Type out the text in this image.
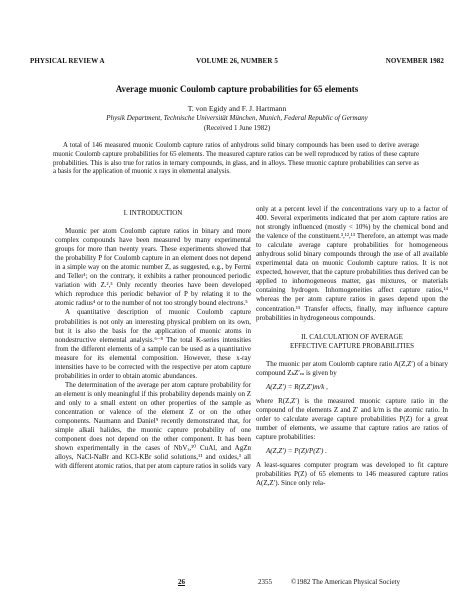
PHYSICAL REVIEW A	VOLUME 26, NUMBER 5	NOVEMBER 1982
Average muonic Coulomb capture probabilities for 65 elements
T. von Egidy and F. J. Hartmann
Physik Department, Technische Universität München, Munich, Federal Republic of Germany
(Received 1 June 1982)
A total of 146 measured muonic Coulomb capture ratios of anhydrous solid binary compounds has been used to derive average muonic Coulomb capture probabilities for 65 elements. The measured capture ratios can be well reproduced by ratios of these capture probabilities. This is also true for ratios in ternary compounds, in glass, and in alloys. These muonic capture probabilities can serve as a basis for the application of muonic x rays in elemental analysis.

I. INTRODUCTION

Muonic per atom Coulomb capture ratios in binary and more complex compounds have been measured by many experimental groups for more than twenty years. These experiments showed that the probability P for Coulomb capture in an element does not depend in a simple way on the atomic number Z, as suggested, e.g., by Fermi and Teller¹; on the contrary, it exhibits a rather pronounced periodic variation with Z.²,³ Only recently theories have been developed which reproduce this periodic behavior of P by relating it to the atomic radius⁴ or to the number of not too strongly bound electrons.⁵

A quantitative description of muonic Coulomb capture probabilities is not only an interesting physical problem on its own, but it is also the basis for the application of muonic atoms in nondestructive elemental analysis.⁶⁻⁸ The total K-series intensities from the different elements of a sample can be used as a quantitative measure for its elemental composition. However, these x-ray intensities have to be corrected with the respective per atom capture probabilities in order to obtain atomic abundances.

The determination of the average per atom capture probability for an element is only meaningful if this probability depends mainly on Z and only to a small extent on other properties of the sample as concentration or valence of the element Z or on the other components. Naumann and Daniel⁹ recently demonstrated that, for simple alkali halides, the muonic capture probability of one component does not depend on the other component. It has been shown experimentally in the cases of NbVₓ,¹⁰ CuAl, and AgZn alloys, NaCl-NaBr and KCl-KBr solid solutions,¹¹ and oxides,³ all with different atomic ratios, that per atom capture ratios in solids vary

only at a percent level if the concentrations vary up to a factor of 400. Several experiments indicated that per atom capture ratios are not strongly influenced (mostly < 10%) by the chemical bond and the valence of the constituent.³,¹²,¹³ Therefore, an attempt was made to calculate average capture probabilities for homogeneous anhydrous solid binary compounds through the use of all available experimental data on muonic Coulomb capture ratios. It is not expected, however, that the capture probabilities thus derived can be applied to inhomogeneous matter, gas mixtures, or materials containing hydrogen. Inhomogeneities affect capture ratios,¹⁴ whereas the per atom capture ratios in gases depend upon the concentration.¹⁵ Transfer effects, finally, may influence capture probabilities in hydrogeneous compounds.

II. CALCULATION OF AVERAGE
EFFECTIVE CAPTURE PROBABILITIES

The muonic per atom Coulomb capture ratio A(Z,Z′) of a binary compound ZₖZ′ₘ is given by

A(Z,Z′) = R(Z,Z′)m/k ,

where R(Z,Z′) is the measured muonic capture ratio in the compound of the elements Z and Z′ and k/m is the atomic ratio. In order to calculate average capture probabilities P(Z) for a great number of elements, we assume that capture ratios are ratios of capture probabilities:

A(Z,Z′) = P(Z)/P(Z′) .

A least-squares computer program was developed to fit capture probabilities P(Z) of 65 elements to 146 measured capture ratios A(Z,Z′). Since only rela-

26	2355	©1982 The American Physical Society
